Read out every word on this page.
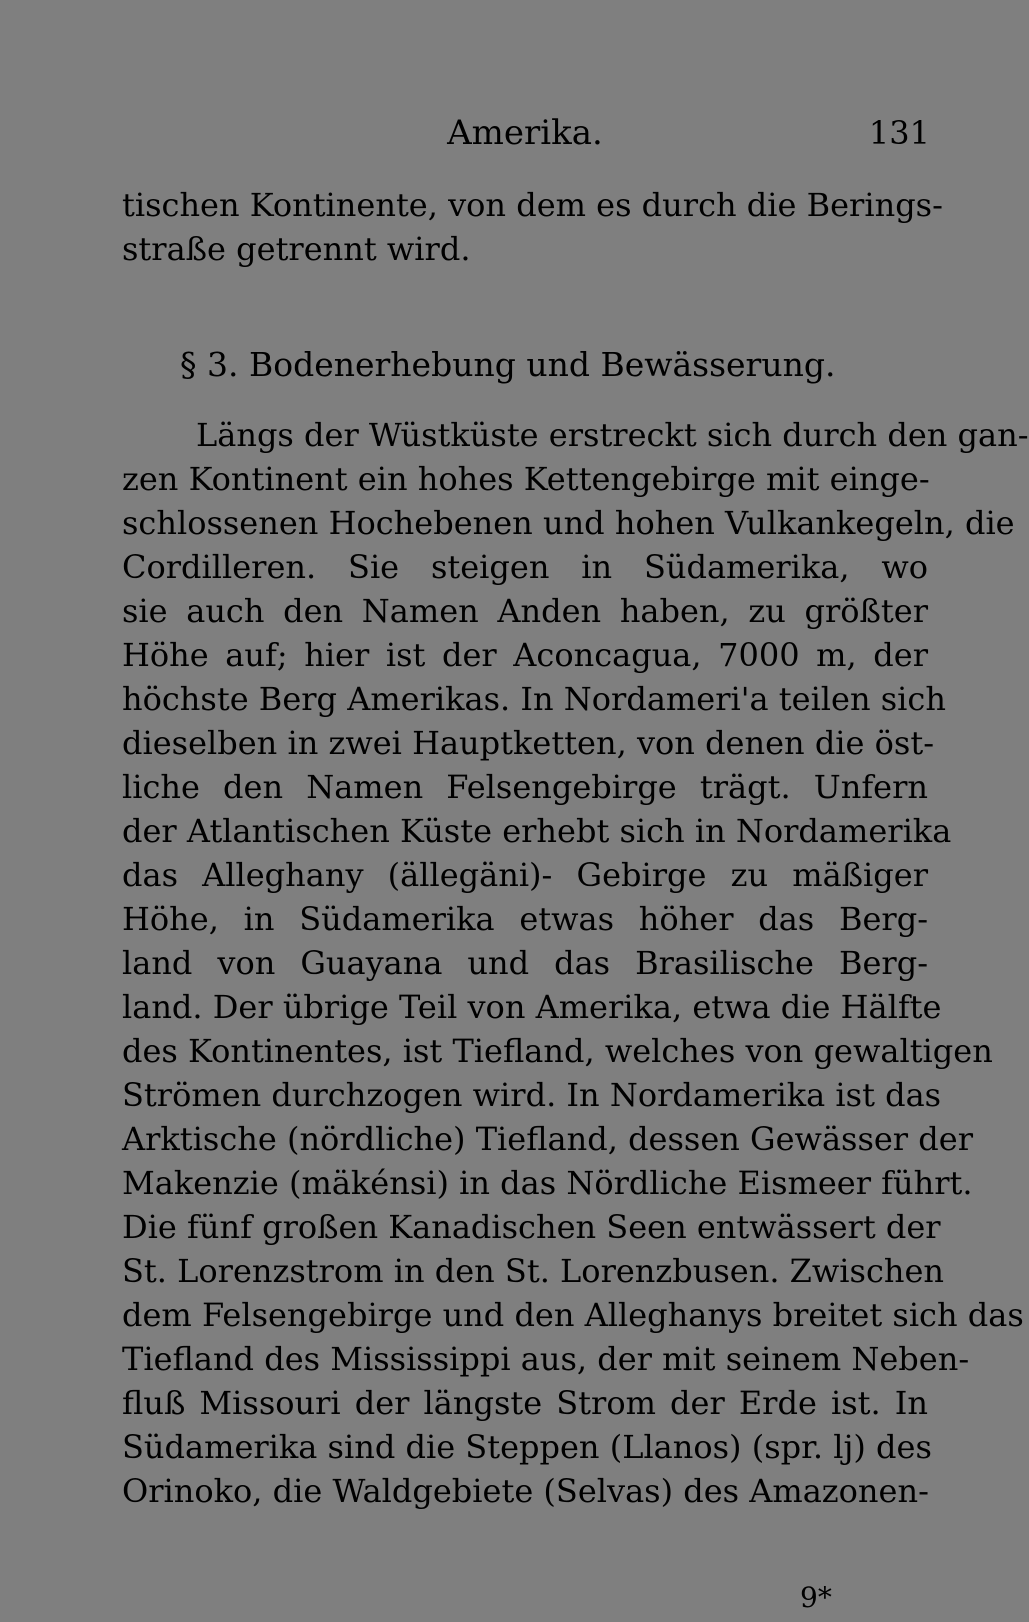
Amerika.	131
tischen Kontinente, von dem es durch die Berings-
straße getrennt wird.
§ 3. Bodenerhebung und Bewässerung.
Längs der Wüstküste erstreckt sich durch den gan-
zen Kontinent ein hohes Kettengebirge mit einge-
schlossenen Hochebenen und hohen Vulkankegeln, die
Cordilleren. Sie steigen in Südamerika, wo
sie auch den Namen Anden haben, zu größter
Höhe auf; hier ist der Aconcagua, 7000 m, der
höchste Berg Amerikas. In Nordameri'a teilen sich
dieselben in zwei Hauptketten, von denen die öst-
liche den Namen Felsengebirge trägt. Unfern
der Atlantischen Küste erhebt sich in Nordamerika
das Alleghany (ällegäni)- Gebirge zu mäßiger
Höhe, in Südamerika etwas höher das Berg-
land von Guayana und das Brasilische Berg-
land. Der übrige Teil von Amerika, etwa die Hälfte
des Kontinentes, ist Tiefland, welches von gewaltigen
Strömen durchzogen wird. In Nordamerika ist das
Arktische (nördliche) Tiefland, dessen Gewässer der
Makenzie (mäkénsi) in das Nördliche Eismeer führt.
Die fünf großen Kanadischen Seen entwässert der
St. Lorenzstrom in den St. Lorenzbusen. Zwischen
dem Felsengebirge und den Alleghanys breitet sich das
Tiefland des Mississippi aus, der mit seinem Neben-
fluß Missouri der längste Strom der Erde ist. In
Südamerika sind die Steppen (Llanos) (spr. lj) des
Orinoko, die Waldgebiete (Selvas) des Amazonen-
9*
